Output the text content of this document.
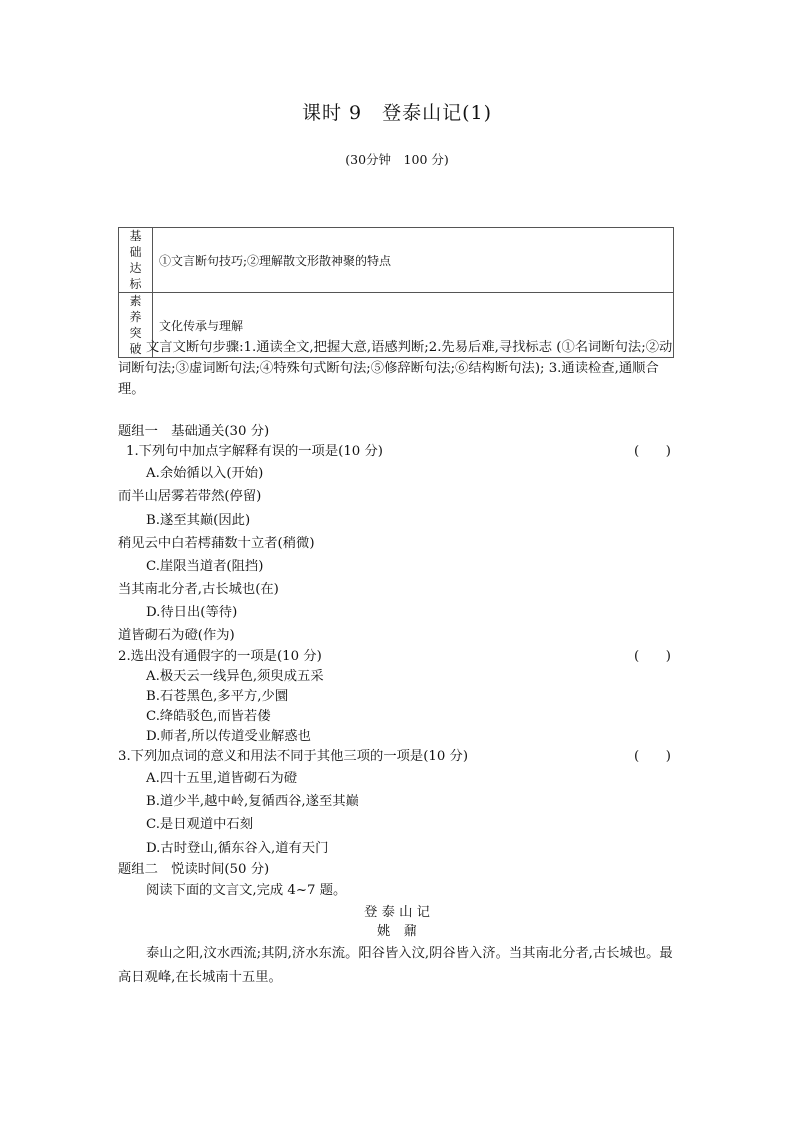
课时 9　登泰山记(1)
(30分钟　100 分)
基础达标	①文言断句技巧;②理解散文形散神聚的特点
素养突破	文化传承与理解
文言文断句步骤:1.通读全文,把握大意,语感判断;2.先易后难,寻找标志 (①名词断句法;②动词断句法;③虚词断句法;④特殊句式断句法;⑤修辞断句法;⑥结构断句法); 3.通读检查,通顺合理。
题组一　基础通关(30 分)
1.下列句中加点字解释有误的一项是(10 分)	(　　)
A.余始循以入(开始)
而半山居雾若带然(停留)
B.遂至其巅(因此)
稍见云中白若樗蒱数十立者(稍微)
C.崖限当道者(阻挡)
当其南北分者,古长城也(在)
D.待日出(等待)
道皆砌石为磴(作为)
2.选出没有通假字的一项是(10 分)	(　　)
A.极天云一线异色,须臾成五采
B.石苍黑色,多平方,少圜
C.绛皓驳色,而皆若偻
D.师者,所以传道受业解惑也
3.下列加点词的意义和用法不同于其他三项的一项是(10 分)	(　　)
A.四十五里,道皆砌石为磴
B.道少半,越中岭,复循西谷,遂至其巅
C.是日观道中石刻
D.古时登山,循东谷入,道有天门
题组二　悦读时间(50 分)
阅读下面的文言文,完成 4~7 题。
登 泰 山 记
姚　鼐
泰山之阳,汶水西流;其阴,济水东流。阳谷皆入汶,阴谷皆入济。当其南北分者,古长城也。最高日观峰,在长城南十五里。
